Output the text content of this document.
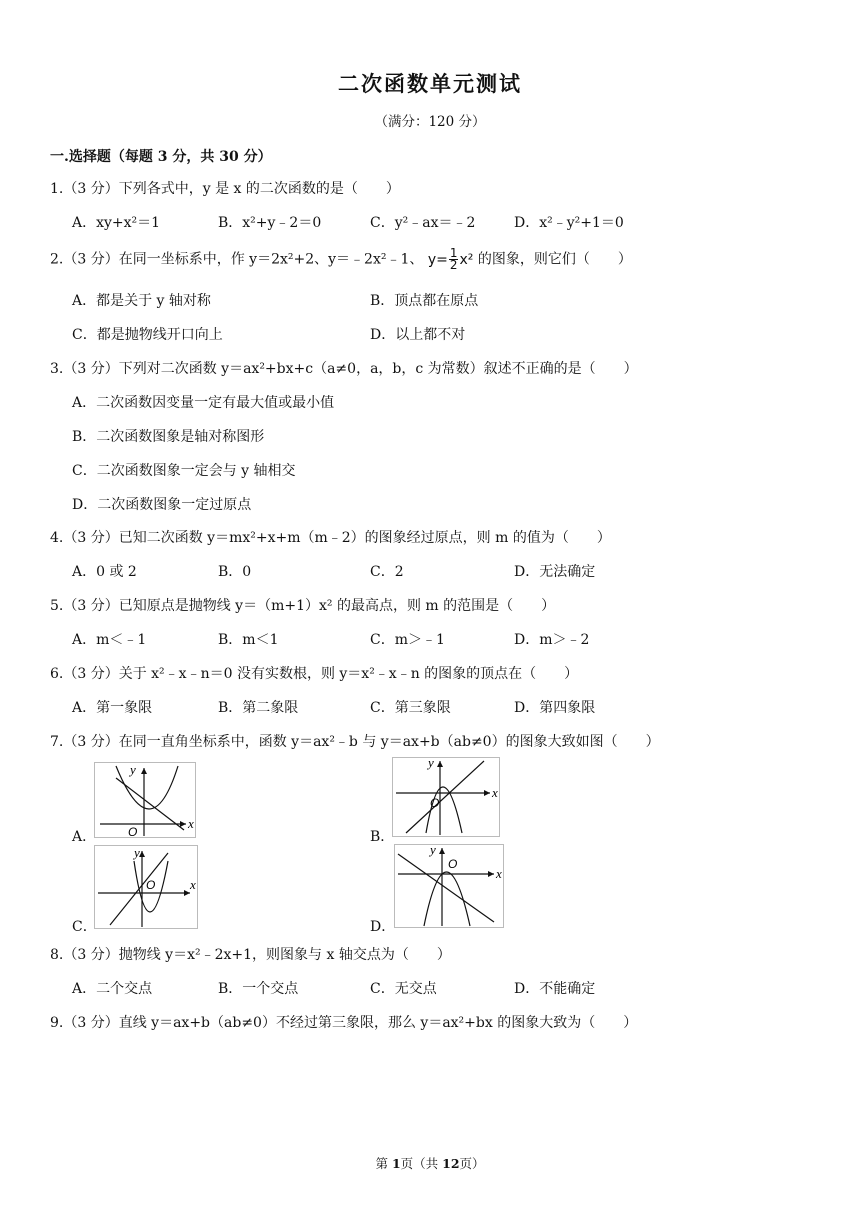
二次函数单元测试
（满分：120 分）
一.选择题（每题 3 分，共 30 分）
1.（3 分）下列各式中，y 是 x 的二次函数的是（　　）
A．xy+x²＝1	B．x²+y﹣2＝0	C．y²﹣ax＝﹣2	D．x²﹣y²+1＝0
2.（3 分）在同一坐标系中，作 y＝2x²+2、y＝﹣2x²﹣1、 $y= \frac{1}{2} x^2$ 的图象，则它们（　　）
A．都是关于 y 轴对称	B．顶点都在原点
C．都是抛物线开口向上	D．以上都不对
3.（3 分）下列对二次函数 y＝ax²+bx+c（a≠0，a，b，c 为常数）叙述不正确的是（　　）
A．二次函数因变量一定有最大值或最小值
B．二次函数图象是轴对称图形
C．二次函数图象一定会与 y 轴相交
D．二次函数图象一定过原点
4.（3 分）已知二次函数 y＝mx²+x+m（m﹣2）的图象经过原点，则 m 的值为（　　）
A．0 或 2	B．0	C．2	D．无法确定
5.（3 分）已知原点是抛物线 y＝（m+1）x² 的最高点，则 m 的范围是（　　）
A．m＜﹣1	B．m＜1	C．m＞﹣1	D．m＞﹣2
6.（3 分）关于 x²﹣x﹣n＝0 没有实数根，则 y＝x²﹣x﹣n 的图象的顶点在（　　）
A．第一象限	B．第二象限	C．第三象限	D．第四象限
7.（3 分）在同一直角坐标系中，函数 y＝ax²﹣b 与 y＝ax+b（ab≠0）的图象大致如图（　　）
A．
x
y
O	B．
x
y
O
C．
x
y
O
D．
x
y
O
8.（3 分）抛物线 y＝x²﹣2x+1，则图象与 x 轴交点为（　　）
A．二个交点	B．一个交点	C．无交点	D．不能确定
9.（3 分）直线 y＝ax+b（ab≠0）不经过第三象限，那么 y＝ax²+bx 的图象大致为（　　）
第 1页（共 12页）
